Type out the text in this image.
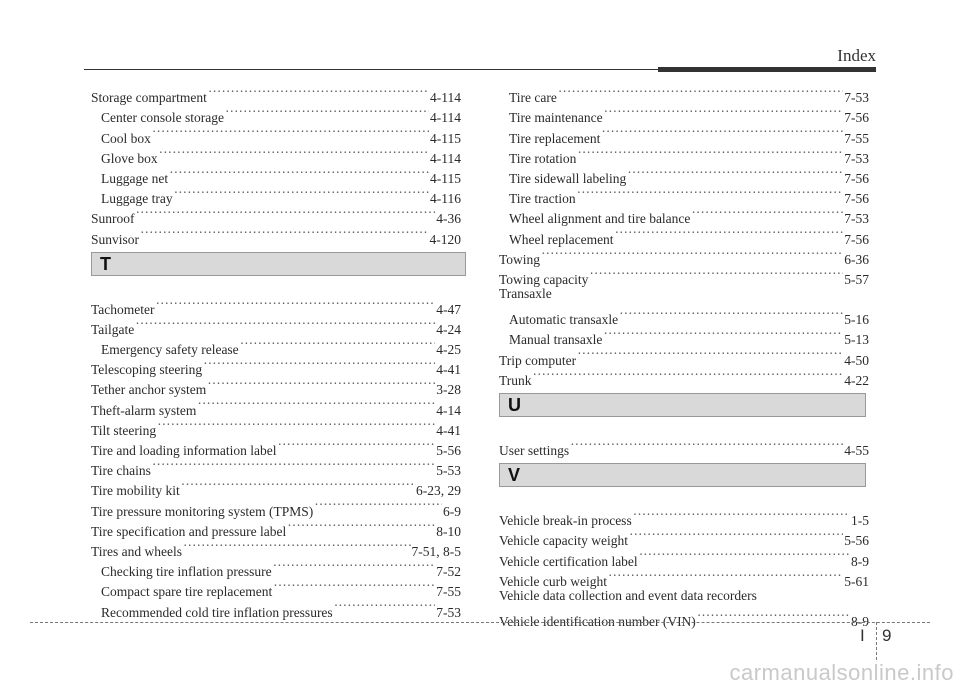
Index
Storage compartment ·····	4-114
Center console storage ·····	4-114
Cool box ·····	4-115
Glove box ·····	4-114
Luggage net ·····	4-115
Luggage tray ·····	4-116
Sunroof ·····	4-36
Sunvisor ·····	4-120
T
Tachometer ·····	4-47
Tailgate ·····	4-24
Emergency safety release ·····	4-25
Telescoping steering ·····	4-41
Tether anchor system ·····	3-28
Theft-alarm system ·····	4-14
Tilt steering ·····	4-41
Tire and loading information label ·····	5-56
Tire chains ·····	5-53
Tire mobility kit ·····	6-23, 29
Tire pressure monitoring system (TPMS) ·····	6-9
Tire specification and pressure label ·····	8-10
Tires and wheels ·····	7-51, 8-5
Checking tire inflation pressure ·····	7-52
Compact spare tire replacement ·····	7-55
Recommended cold tire inflation pressures ·····	7-53
Tire care ·····	7-53
Tire maintenance ·····	7-56
Tire replacement ·····	7-55
Tire rotation ·····	7-53
Tire sidewall labeling ·····	7-56
Tire traction ·····	7-56
Wheel alignment and tire balance ·····	7-53
Wheel replacement ·····	7-56
Towing ·····	6-36
Towing capacity ·····	5-57
Transaxle
Automatic transaxle ·····	5-16
Manual transaxle ·····	5-13
Trip computer ·····	4-50
Trunk ·····	4-22
U
User settings ·····	4-55
V
Vehicle break-in process ·····	1-5
Vehicle capacity weight ·····	5-56
Vehicle certification label ·····	8-9
Vehicle curb weight ·····	5-61
Vehicle data collection and event data recorders
Vehicle identification number (VIN) ·····	8-9
I 9
carmanualsonline.info
